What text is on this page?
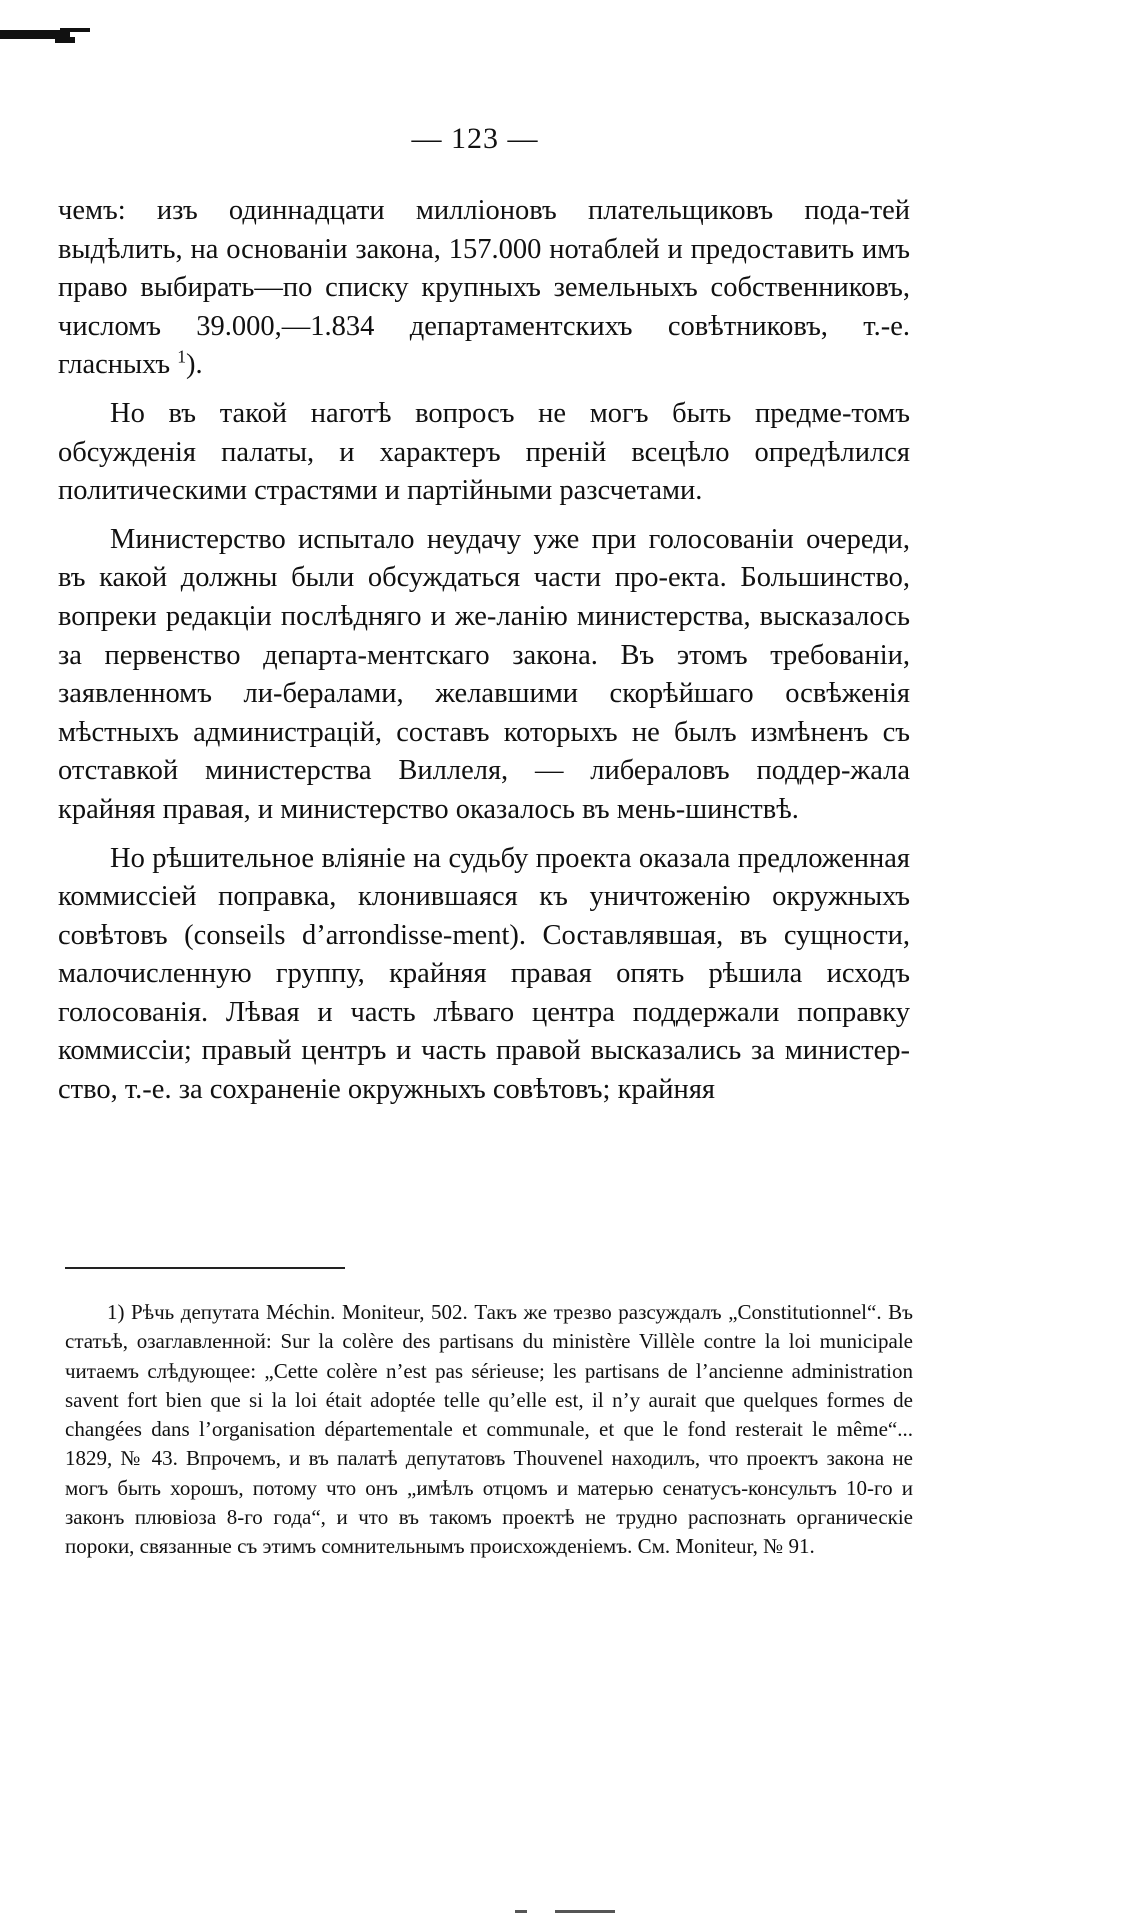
— 123 —

чемъ: изъ одиннадцати милліоновъ плательщиковъ пода-тей выдѣлить, на основаніи закона, 157.000 нотаблей и предоставить имъ право выбирать—по списку крупныхъ земельныхъ собственниковъ, числомъ 39.000,—1.834 департаментскихъ совѣтниковъ, т.-е. гласныхъ $^1$).

Но въ такой наготѣ вопросъ не могъ быть предме-томъ обсужденія палаты, и характеръ преній всецѣло опредѣлился политическими страстями и партійными разсчетами.

Министерство испытало неудачу уже при голосованіи очереди, въ какой должны были обсуждаться части про-екта. Большинство, вопреки редакціи послѣдняго и же-ланію министерства, высказалось за первенство департа-ментскаго закона. Въ этомъ требованіи, заявленномъ ли-бералами, желавшими скорѣйшаго освѣженія мѣстныхъ администрацій, составъ которыхъ не былъ измѣненъ съ отставкой министерства Виллеля, — либераловъ поддер-жала крайняя правая, и министерство оказалось въ мень-шинствѣ.

Но рѣшительное вліяніе на судьбу проекта оказала предложенная коммиссіей поправка, клонившаяся къ уничтоженію окружныхъ совѣтовъ (conseils d’arrondisse-ment). Составлявшая, въ сущности, малочисленную группу, крайняя правая опять рѣшила исходъ голосованія. Лѣвая и часть лѣваго центра поддержали поправку коммиссіи; правый центръ и часть правой высказались за министер-ство, т.-е. за сохраненіе окружныхъ совѣтовъ; крайняя

1) Рѣчь депутата Méchin. Moniteur, 502. Такъ же трезво разсуждалъ „Constitutionnel“. Въ статьѣ, озаглавленной: Sur la colère des partisans du ministère Villèle contre la loi municipale читаемъ слѣдующее: „Cette colère n’est pas sérieuse; les partisans de l’ancienne administration savent fort bien que si la loi était adoptée telle qu’elle est, il n’y aurait que quelques formes de changées dans l’organisation départementale et communale, et que le fond resterait le même“... 1829, № 43. Впрочемъ, и въ палатѣ депутатовъ Thouvenel находилъ, что проектъ закона не могъ быть хорошъ, потому что онъ „имѣлъ отцомъ и матерью сенатусъ-консультъ 10-го и законъ плювіоза 8-го года“, и что въ такомъ проектѣ не трудно распознать органическіе пороки, связанные съ этимъ сомнительнымъ происхожденіемъ. См. Moniteur, № 91.
